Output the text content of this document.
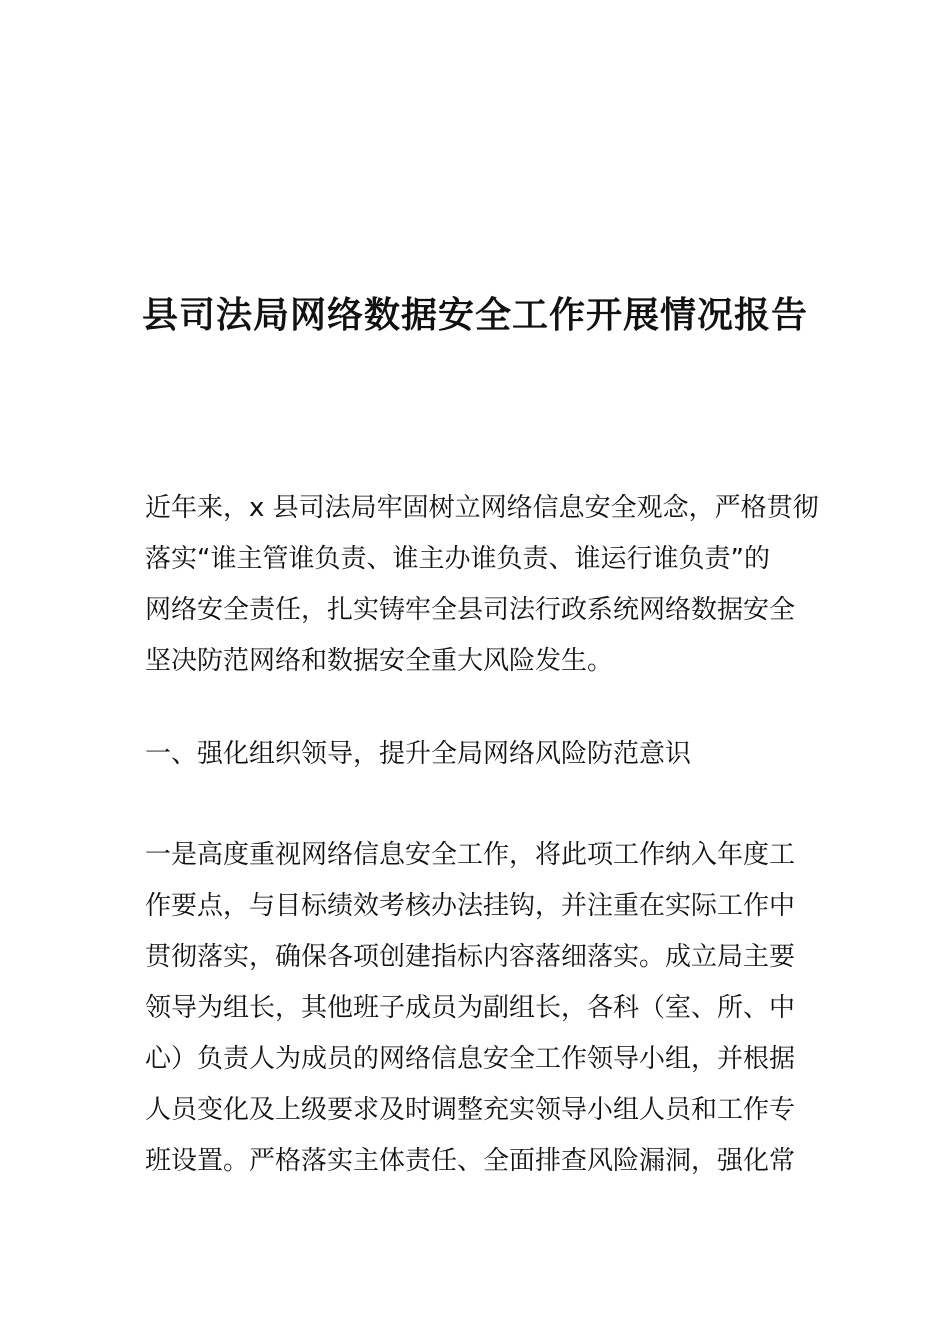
县司法局网络数据安全工作开展情况报告
近年来，x 县司法局牢固树立网络信息安全观念，严格贯彻
落实“谁主管谁负责、谁主办谁负责、谁运行谁负责”的
网络安全责任，扎实铸牢全县司法行政系统网络数据安全
坚决防范网络和数据安全重大风险发生。
一、强化组织领导，提升全局网络风险防范意识
一是高度重视网络信息安全工作，将此项工作纳入年度工
作要点，与目标绩效考核办法挂钩，并注重在实际工作中
贯彻落实，确保各项创建指标内容落细落实。成立局主要
领导为组长，其他班子成员为副组长，各科（室、所、中
心）负责人为成员的网络信息安全工作领导小组，并根据
人员变化及上级要求及时调整充实领导小组人员和工作专
班设置。严格落实主体责任、全面排查风险漏洞，强化常
